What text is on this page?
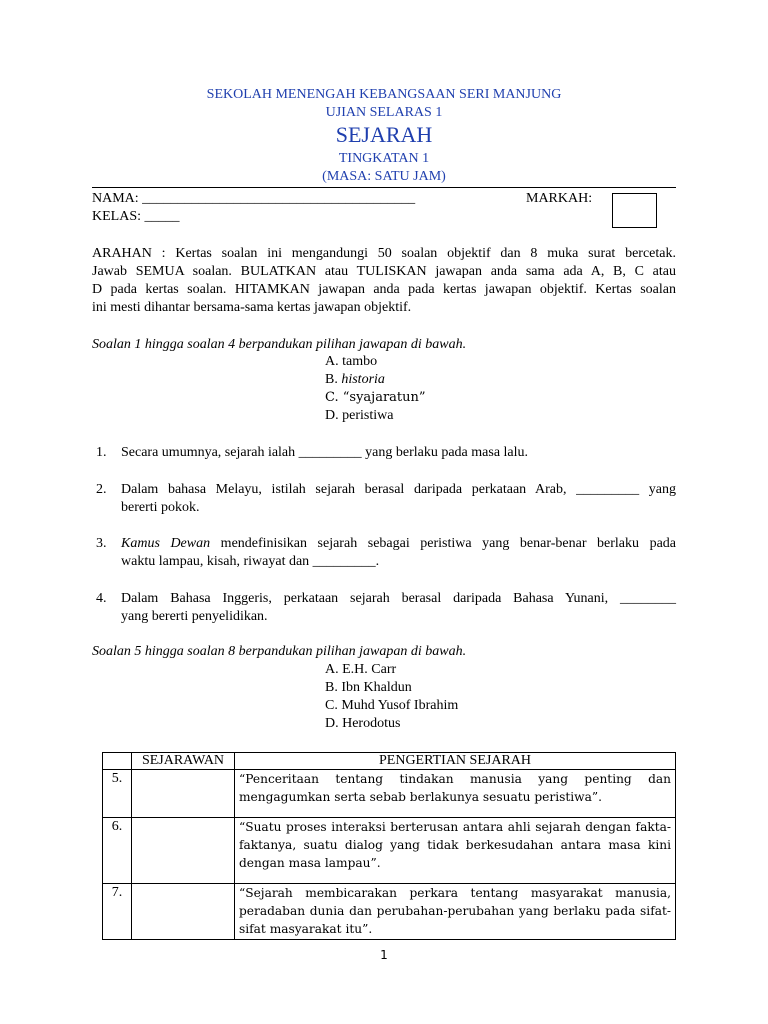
SEKOLAH MENENGAH KEBANGSAAN SERI MANJUNG
UJIAN SELARAS 1
SEJARAH
TINGKATAN 1
(MASA: SATU JAM)
NAMA: _______________________________________	MARKAH:
KELAS: _____
ARAHAN : Kertas soalan ini mengandungi 50 soalan objektif dan 8 muka surat bercetak.
Jawab SEMUA soalan. BULATKAN atau TULISKAN jawapan anda sama ada A, B, C atau
D pada kertas soalan. HITAMKAN jawapan anda pada kertas jawapan objektif. Kertas soalan
ini mesti dihantar bersama-sama kertas jawapan objektif.
Soalan 1 hingga soalan 4 berpandukan pilihan jawapan di bawah.
A. tambo
B. historia
C. “syajaratun”
D. peristiwa
1. Secara umumnya, sejarah ialah _________ yang berlaku pada masa lalu.
2. Dalam bahasa Melayu, istilah sejarah berasal daripada perkataan Arab, _________ yang
bererti pokok.
3. Kamus Dewan mendefinisikan sejarah sebagai peristiwa yang benar-benar berlaku pada
waktu lampau, kisah, riwayat dan _________.
4. Dalam Bahasa Inggeris, perkataan sejarah berasal daripada Bahasa Yunani, ________
yang bererti penyelidikan.
Soalan 5 hingga soalan 8 berpandukan pilihan jawapan di bawah.
A. E.H. Carr
B. Ibn Khaldun
C. Muhd Yusof Ibrahim
D. Herodotus
	SEJARAWAN	PENGERTIAN SEJARAH
5.		“Penceritaan tentang tindakan manusia yang penting dan
mengagumkan serta sebab berlakunya sesuatu peristiwa”.

6.		“Suatu proses interaksi berterusan antara ahli sejarah dengan fakta-
faktanya, suatu dialog yang tidak berkesudahan antara masa kini
dengan masa lampau”.

7.		“Sejarah membicarakan perkara tentang masyarakat manusia,
peradaban dunia dan perubahan-perubahan yang berlaku pada sifat-
sifat masyarakat itu”.
1
